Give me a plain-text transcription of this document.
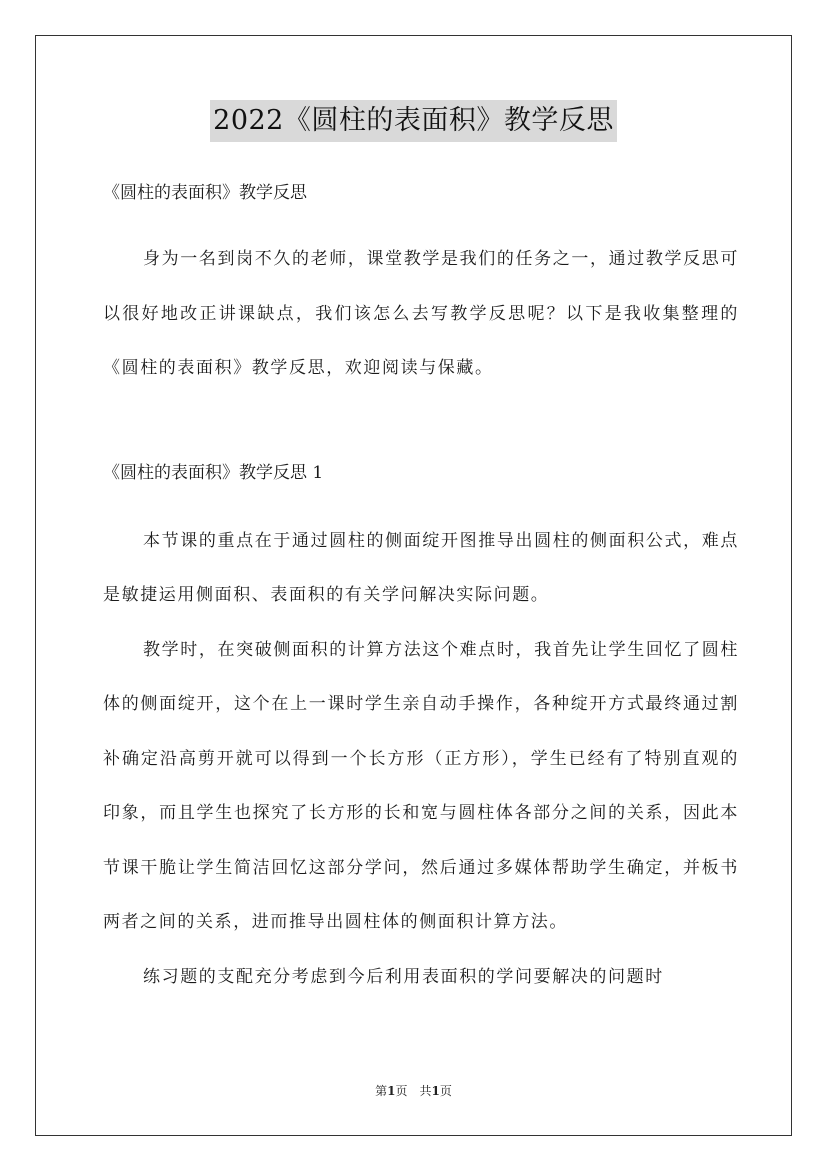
2022《圆柱的表面积》教学反思

《圆柱的表面积》教学反思

身为一名到岗不久的老师，课堂教学是我们的任务之一，通过教学反思可以很好地改正讲课缺点，我们该怎么去写教学反思呢？以下是我收集整理的《圆柱的表面积》教学反思，欢迎阅读与保藏。

《圆柱的表面积》教学反思 1

本节课的重点在于通过圆柱的侧面绽开图推导出圆柱的侧面积公式，难点是敏捷运用侧面积、表面积的有关学问解决实际问题。

教学时，在突破侧面积的计算方法这个难点时，我首先让学生回忆了圆柱体的侧面绽开，这个在上一课时学生亲自动手操作，各种绽开方式最终通过割补确定沿高剪开就可以得到一个长方形（正方形），学生已经有了特别直观的印象，而且学生也探究了长方形的长和宽与圆柱体各部分之间的关系，因此本节课干脆让学生简洁回忆这部分学问，然后通过多媒体帮助学生确定，并板书两者之间的关系，进而推导出圆柱体的侧面积计算方法。

练习题的支配充分考虑到今后利用表面积的学问要解决的问题时

第1页 共1页
